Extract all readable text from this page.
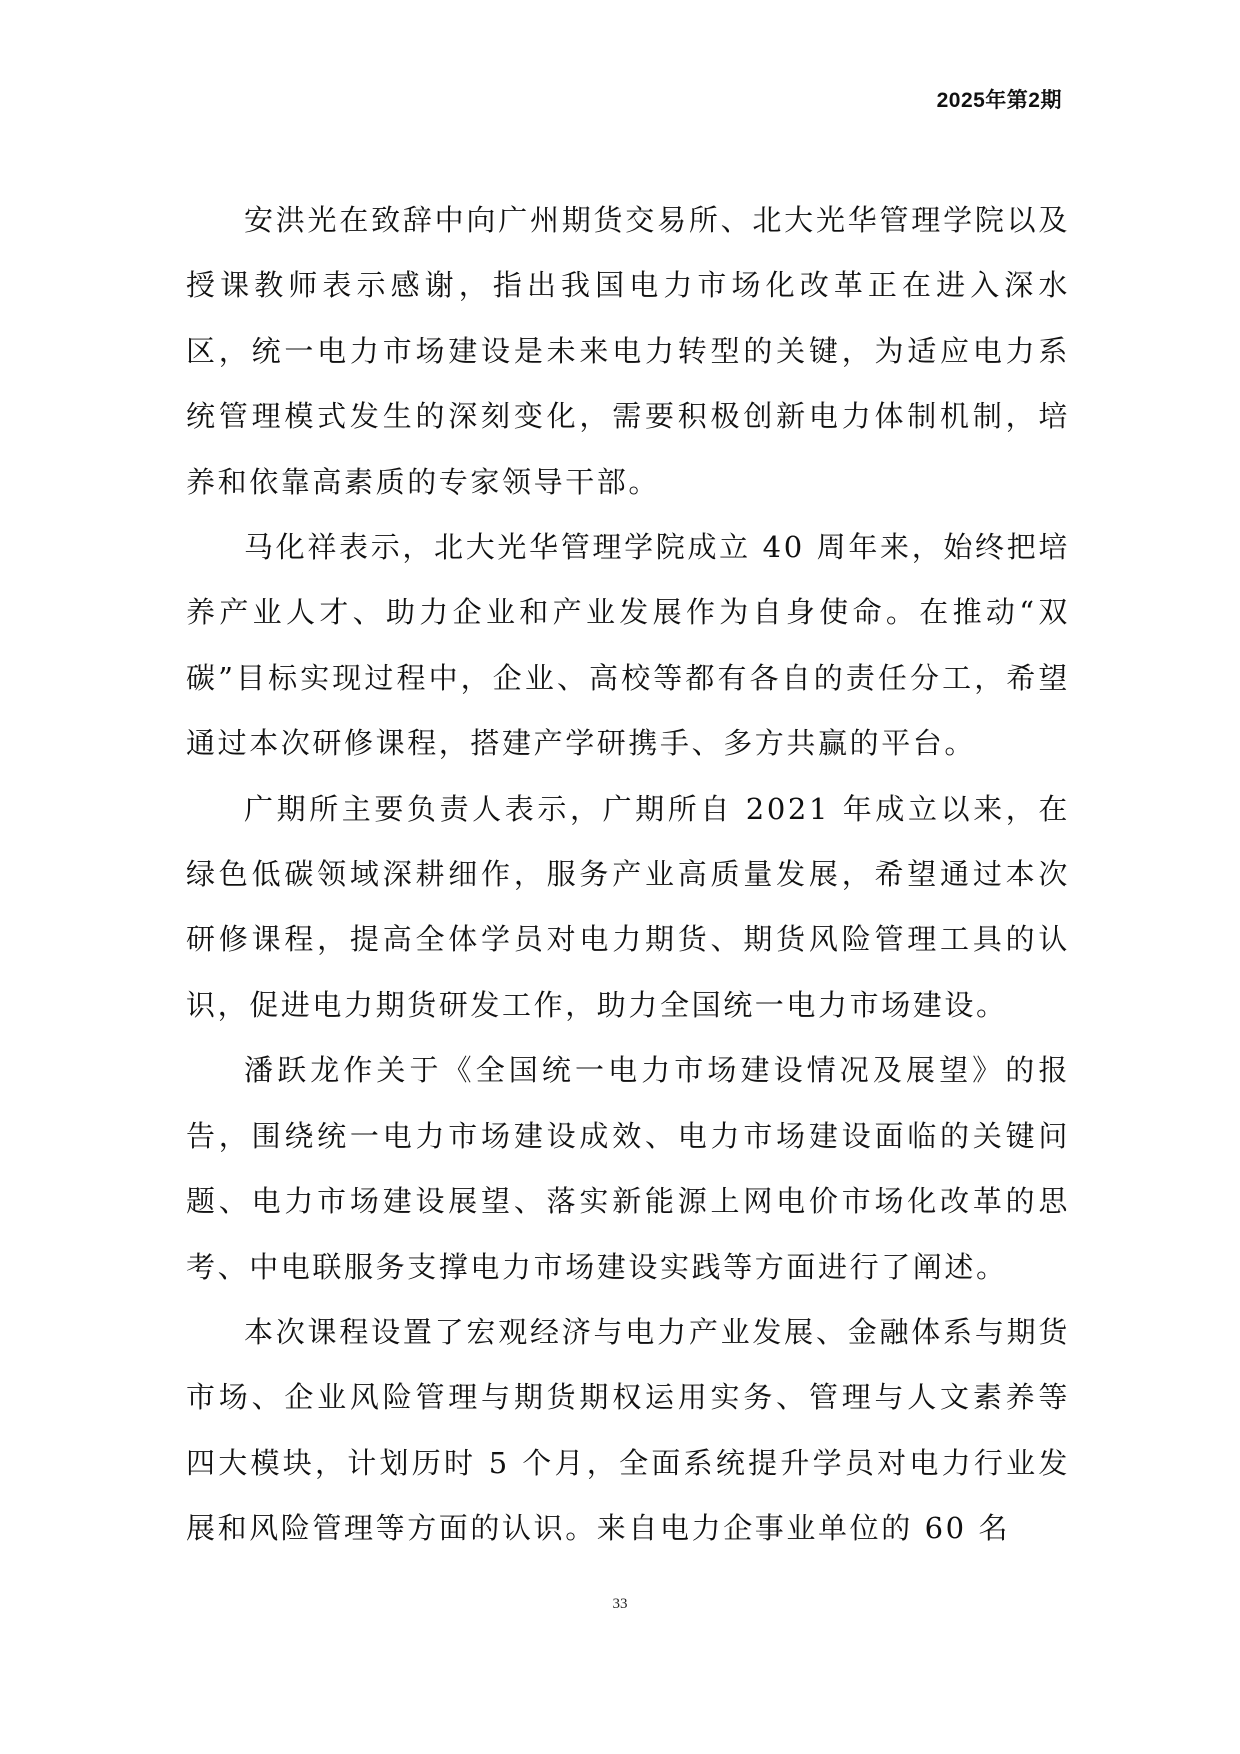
2025年第2期

安洪光在致辞中向广州期货交易所、北大光华管理学院以及授课教师表示感谢，指出我国电力市场化改革正在进入深水区，统一电力市场建设是未来电力转型的关键，为适应电力系统管理模式发生的深刻变化，需要积极创新电力体制机制，培养和依靠高素质的专家领导干部。

马化祥表示，北大光华管理学院成立 40 周年来，始终把培养产业人才、助力企业和产业发展作为自身使命。在推动“双碳”目标实现过程中，企业、高校等都有各自的责任分工，希望通过本次研修课程，搭建产学研携手、多方共赢的平台。

广期所主要负责人表示，广期所自 2021 年成立以来，在绿色低碳领域深耕细作，服务产业高质量发展，希望通过本次研修课程，提高全体学员对电力期货、期货风险管理工具的认识，促进电力期货研发工作，助力全国统一电力市场建设。

潘跃龙作关于《全国统一电力市场建设情况及展望》的报告，围绕统一电力市场建设成效、电力市场建设面临的关键问题、电力市场建设展望、落实新能源上网电价市场化改革的思考、中电联服务支撑电力市场建设实践等方面进行了阐述。

本次课程设置了宏观经济与电力产业发展、金融体系与期货市场、企业风险管理与期货期权运用实务、管理与人文素养等四大模块，计划历时 5 个月，全面系统提升学员对电力行业发展和风险管理等方面的认识。来自电力企事业单位的 60 名

33
